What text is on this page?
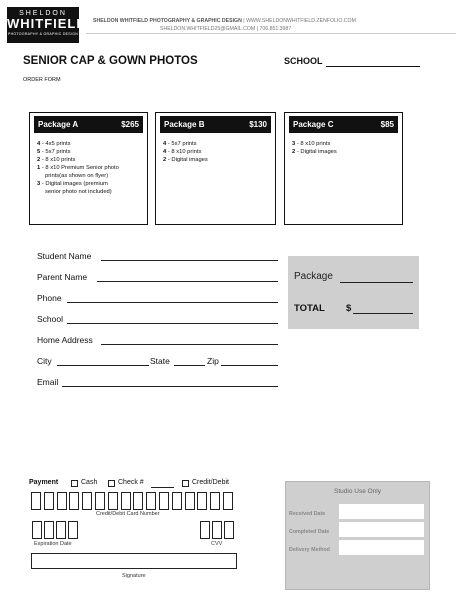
SHELDON
WHITFIELD
PHOTOGRAPHY & GRAPHIC DESIGN
SHELDON WHITFIELD PHOTOGRAPHY & GRAPHIC DESIGN | WWW.SHELDONWHITFIELD.ZENFOLIO.COM
SHELDON.WHITFIELD25@GMAIL.COM | 706.851.3987
SENIOR CAP & GOWN PHOTOS	SCHOOL
ORDER FORM
Package A	$265
4 - 4x5 prints
5 - 5x7 prints
2 - 8 x10 prints
1 - 8 x10 Premium Senior photo
prints(as shown on flyer)
3 - Digital images (premium
senior photo not included)
Package B	$130
4 - 5x7 prints
4 - 8 x10 prints
2 - Digital images
Package C	$85
3 - 8 x10 prints
2 - Digital images
Student Name
Parent Name
Phone
School
Home Address
City	State	Zip
Email
Package
TOTAL $
Payment	Cash	Check #	Credit/Debit
Credit/Debit Card Number
Expiration Date	CVV
Signature
Studio Use Only
Received Date
Completed Date
Delivery Method
